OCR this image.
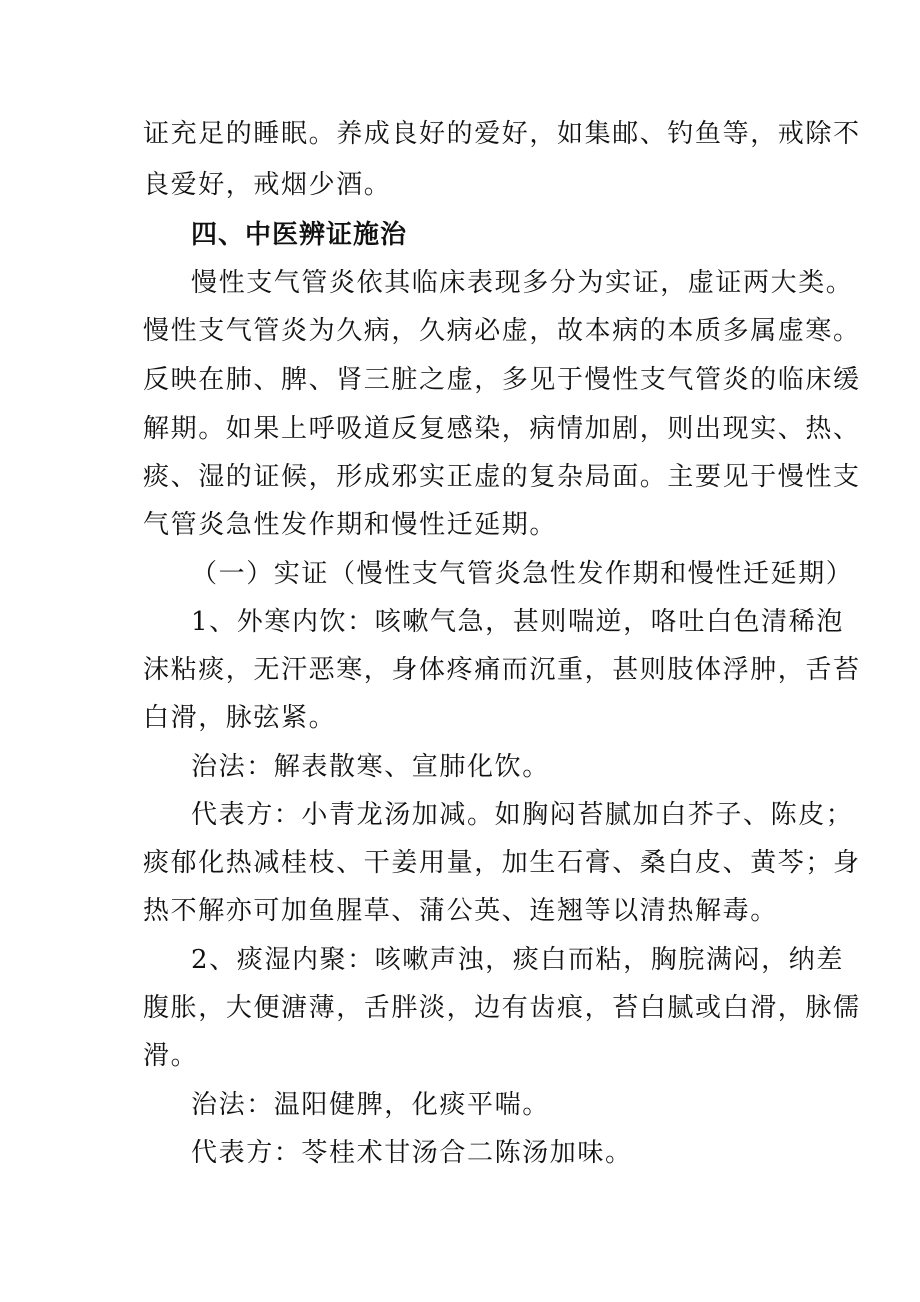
证充足的睡眠。养成良好的爱好，如集邮、钓鱼等，戒除不

良爱好，戒烟少酒。

四、中医辨证施治

慢性支气管炎依其临床表现多分为实证，虚证两大类。

慢性支气管炎为久病，久病必虚，故本病的本质多属虚寒。

反映在肺、脾、肾三脏之虚，多见于慢性支气管炎的临床缓

解期。如果上呼吸道反复感染，病情加剧，则出现实、热、

痰、湿的证候，形成邪实正虚的复杂局面。主要见于慢性支

气管炎急性发作期和慢性迁延期。

（一）实证（慢性支气管炎急性发作期和慢性迁延期）

1、外寒内饮：咳嗽气急，甚则喘逆，咯吐白色清稀泡

沫粘痰，无汗恶寒，身体疼痛而沉重，甚则肢体浮肿，舌苔

白滑，脉弦紧。

治法：解表散寒、宣肺化饮。

代表方：小青龙汤加减。如胸闷苔腻加白芥子、陈皮；

痰郁化热减桂枝、干姜用量，加生石膏、桑白皮、黄芩；身

热不解亦可加鱼腥草、蒲公英、连翘等以清热解毒。

2、痰湿内聚：咳嗽声浊，痰白而粘，胸脘满闷，纳差

腹胀，大便溏薄，舌胖淡，边有齿痕，苔白腻或白滑，脉儒

滑。

治法：温阳健脾，化痰平喘。

代表方：苓桂术甘汤合二陈汤加味。
